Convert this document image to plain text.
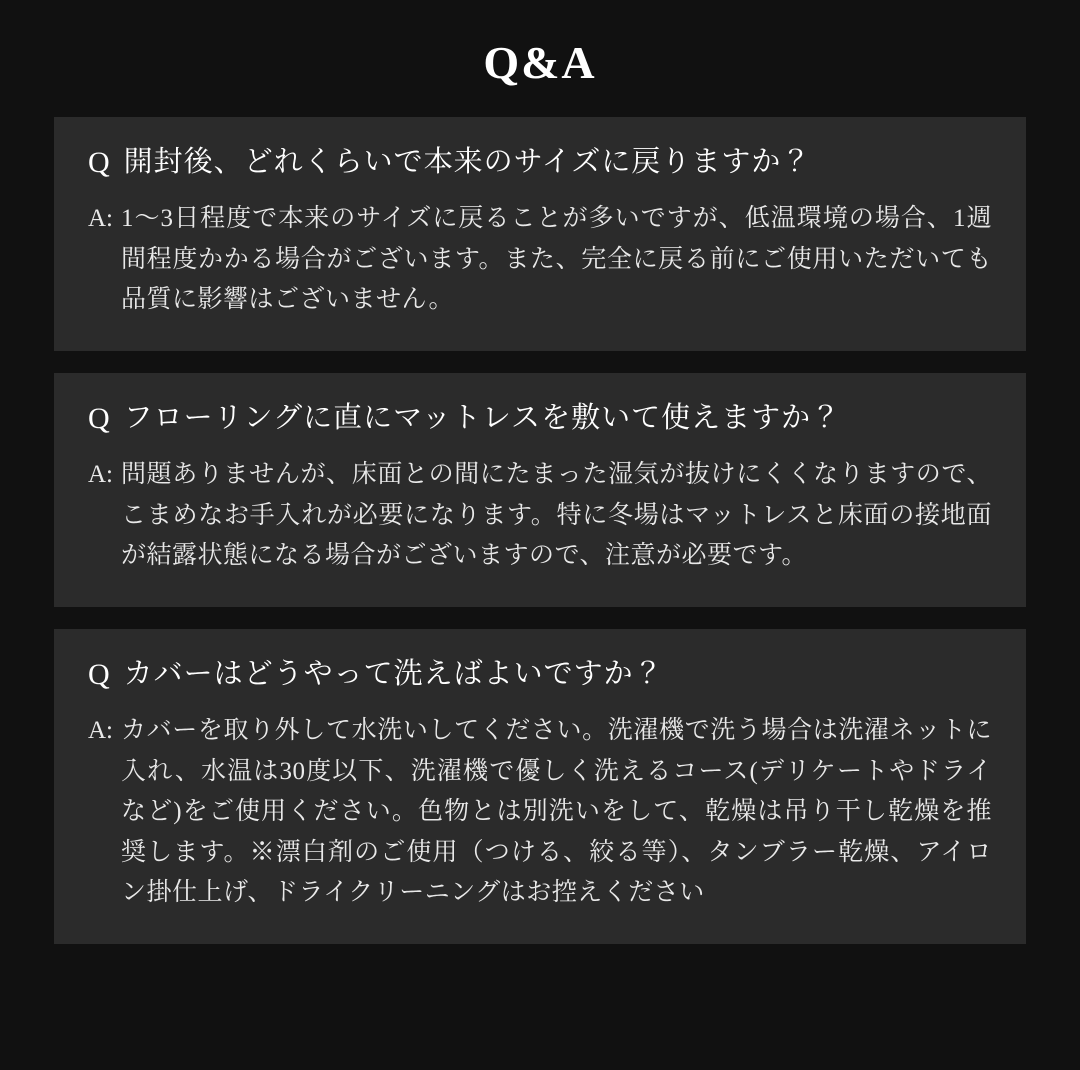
Q&A
Q 開封後、どれくらいで本来のサイズに戻りますか？
A: 1〜3日程度で本来のサイズに戻ることが多いですが、低温環境の場合、1週間程度かかる場合がございます。また、完全に戻る前にご使用いただいても品質に影響はございません。
Q フローリングに直にマットレスを敷いて使えますか？
A: 問題ありませんが、床面との間にたまった湿気が抜けにくくなりますので、こまめなお手入れが必要になります。特に冬場はマットレスと床面の接地面が結露状態になる場合がございますので、注意が必要です。
Q カバーはどうやって洗えばよいですか？
A: カバーを取り外して水洗いしてください。洗濯機で洗う場合は洗濯ネットに入れ、水温は30度以下、洗濯機で優しく洗えるコース(デリケートやドライなど)をご使用ください。色物とは別洗いをして、乾燥は吊り干し乾燥を推奨します。※漂白剤のご使用（つける、絞る等）、タンブラー乾燥、アイロン掛仕上げ、ドライクリーニングはお控えください
